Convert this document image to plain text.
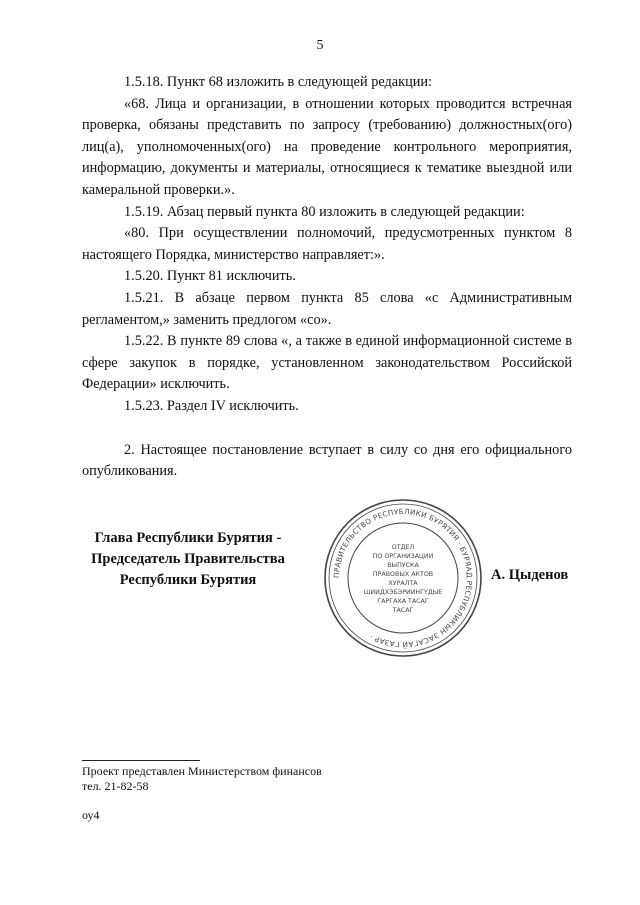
5

1.5.18. Пункт 68 изложить в следующей редакции:

«68. Лица и организации, в отношении которых проводится встречная проверка, обязаны представить по запросу (требованию) должностных(ого) лиц(а), уполномоченных(ого) на проведение контрольного мероприятия, информацию, документы и материалы, относящиеся к тематике выездной или камеральной проверки.».

1.5.19. Абзац первый пункта 80 изложить в следующей редакции:

«80. При осуществлении полномочий, предусмотренных пунктом 8 настоящего Порядка, министерство направляет:».

1.5.20. Пункт 81 исключить.

1.5.21. В абзаце первом пункта 85 слова «с Административным регламентом,» заменить предлогом «со».

1.5.22. В пункте 89 слова «, а также в единой информационной системе в сфере закупок в порядке, установленном законодательством Российской Федерации» исключить.

1.5.23. Раздел IV исключить.

2. Настоящее постановление вступает в силу со дня его официального опубликования.

Глава Республики Бурятия -
Председатель Правительства
Республики Бурятия	ПРАВИТЕЛЬСТВО РЕСПУБЛИКИ БУРЯТИЯ · БУРЯАД РЕСПУБЛИКЫН ЗАСАГАЙ ГАЗАР ·
ОТДЕЛ
ПО ОРГАНИЗАЦИИ
ВЫПУСКА
ПРАВОВЫХ АКТОВ
ХУРАЛТА
ШИИДХЭБЭРИИНГҮДЫЕ
ГАРГАХА ТАСАГ
ТАСАГ
А. Цыденов
Проект представлен Министерством финансов
тел. 21-82-58
оу4
